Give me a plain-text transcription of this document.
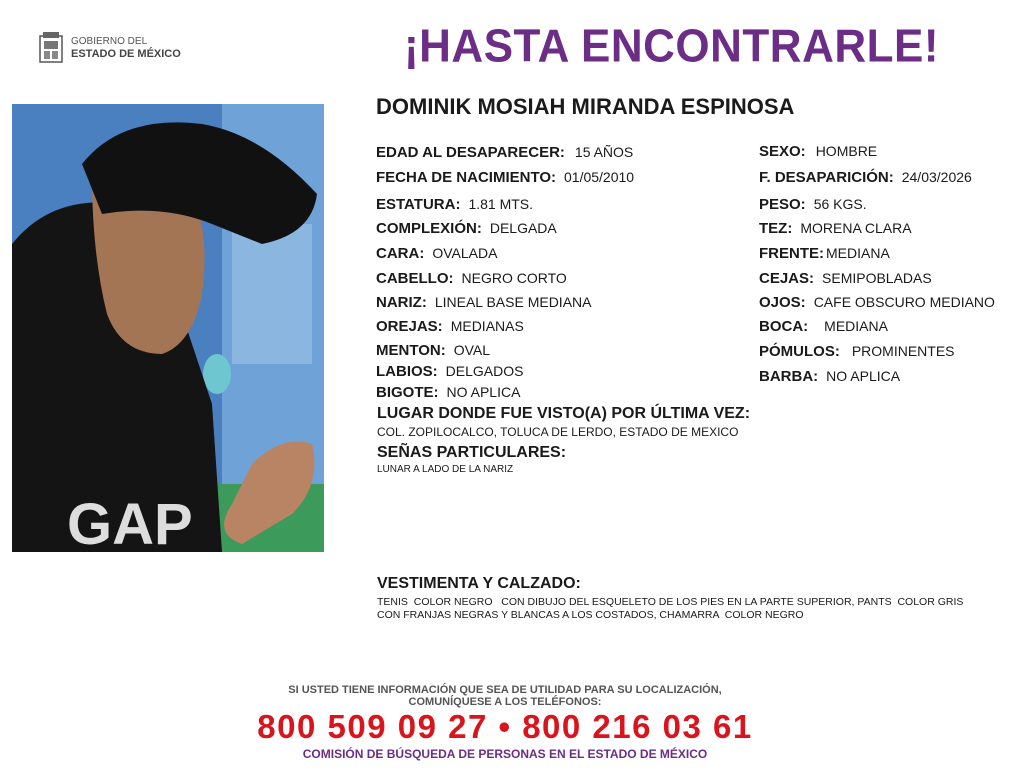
GOBIERNO DEL
ESTADO DE MÉXICO	¡HASTA ENCONTRARLE!
GAP
DOMINIK MOSIAH MIRANDA ESPINOSA
EDAD AL DESAPARECER: 15 AÑOS
FECHA DE NACIMIENTO: 01/05/2010
ESTATURA: 1.81 MTS.
COMPLEXIÓN: DELGADA
CARA: OVALADA
CABELLO: NEGRO CORTO
NARIZ: LINEAL BASE MEDIANA
OREJAS: MEDIANAS
MENTON: OVAL
LABIOS: DELGADOS
BIGOTE: NO APLICA
SEXO: HOMBRE
F. DESAPARICIÓN: 24/03/2026
PESO: 56 KGS.
TEZ: MORENA CLARA
FRENTE: MEDIANA
CEJAS: SEMIPOBLADAS
OJOS: CAFE OBSCURO MEDIANO
BOCA: MEDIANA
PÓMULOS: PROMINENTES
BARBA: NO APLICA
LUGAR DONDE FUE VISTO(A) POR ÚLTIMA VEZ:
COL. ZOPILOCALCO, TOLUCA DE LERDO, ESTADO DE MEXICO
SEÑAS PARTICULARES:
LUNAR A LADO DE LA NARIZ
VESTIMENTA Y CALZADO:
TENIS  COLOR NEGRO   CON DIBUJO DEL ESQUELETO DE LOS PIES EN LA PARTE SUPERIOR, PANTS  COLOR GRIS
CON FRANJAS NEGRAS Y BLANCAS A LOS COSTADOS, CHAMARRA  COLOR NEGRO
SI USTED TIENE INFORMACIÓN QUE SEA DE UTILIDAD PARA SU LOCALIZACIÓN,
COMUNÍQUESE A LOS TELÉFONOS:
800 509 09 27 • 800 216 03 61
COMISIÓN DE BÚSQUEDA DE PERSONAS EN EL ESTADO DE MÉXICO
